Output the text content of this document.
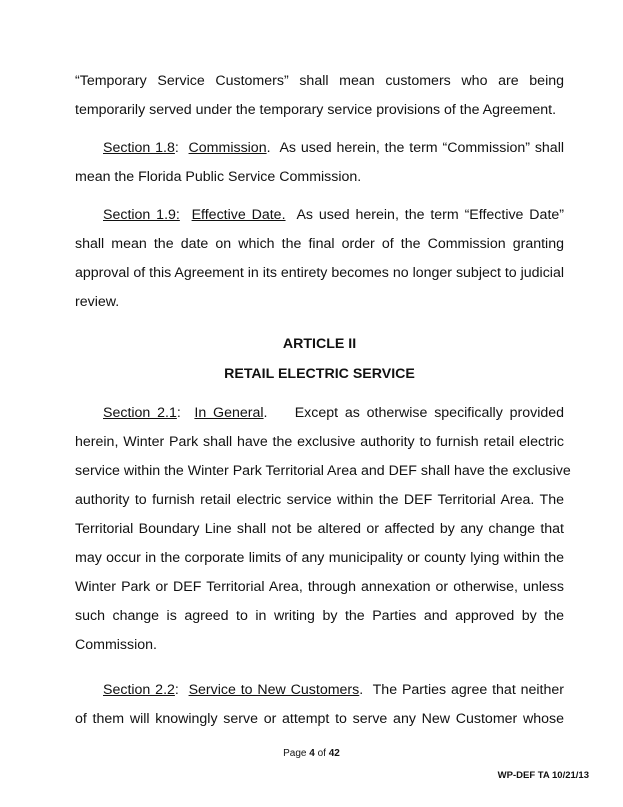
“Temporary Service Customers” shall mean customers who are being
temporarily served under the temporary service provisions of the Agreement.
Section 1.8:  Commission.  As used herein, the term “Commission” shall
mean the Florida Public Service Commission.
Section 1.9: Effective Date.  As used herein, the term “Effective Date”
shall mean the date on which the final order of the Commission granting
approval of this Agreement in its entirety becomes no longer subject to judicial
review.
ARTICLE II
RETAIL ELECTRIC SERVICE
Section 2.1:  In General.    Except as otherwise specifically provided
herein, Winter Park shall have the exclusive authority to furnish retail electric
service within the Winter Park Territorial Area and DEF shall have the exclusive
authority to furnish retail electric service within the DEF Territorial Area. The
Territorial Boundary Line shall not be altered or affected by any change that
may occur in the corporate limits of any municipality or county lying within the
Winter Park or DEF Territorial Area, through annexation or otherwise, unless
such change is agreed to in writing by the Parties and approved by the
Commission.
Section 2.2:  Service to New Customers.  The Parties agree that neither
of them will knowingly serve or attempt to serve any New Customer whose
Page 4 of 42
WP-DEF TA 10/21/13
